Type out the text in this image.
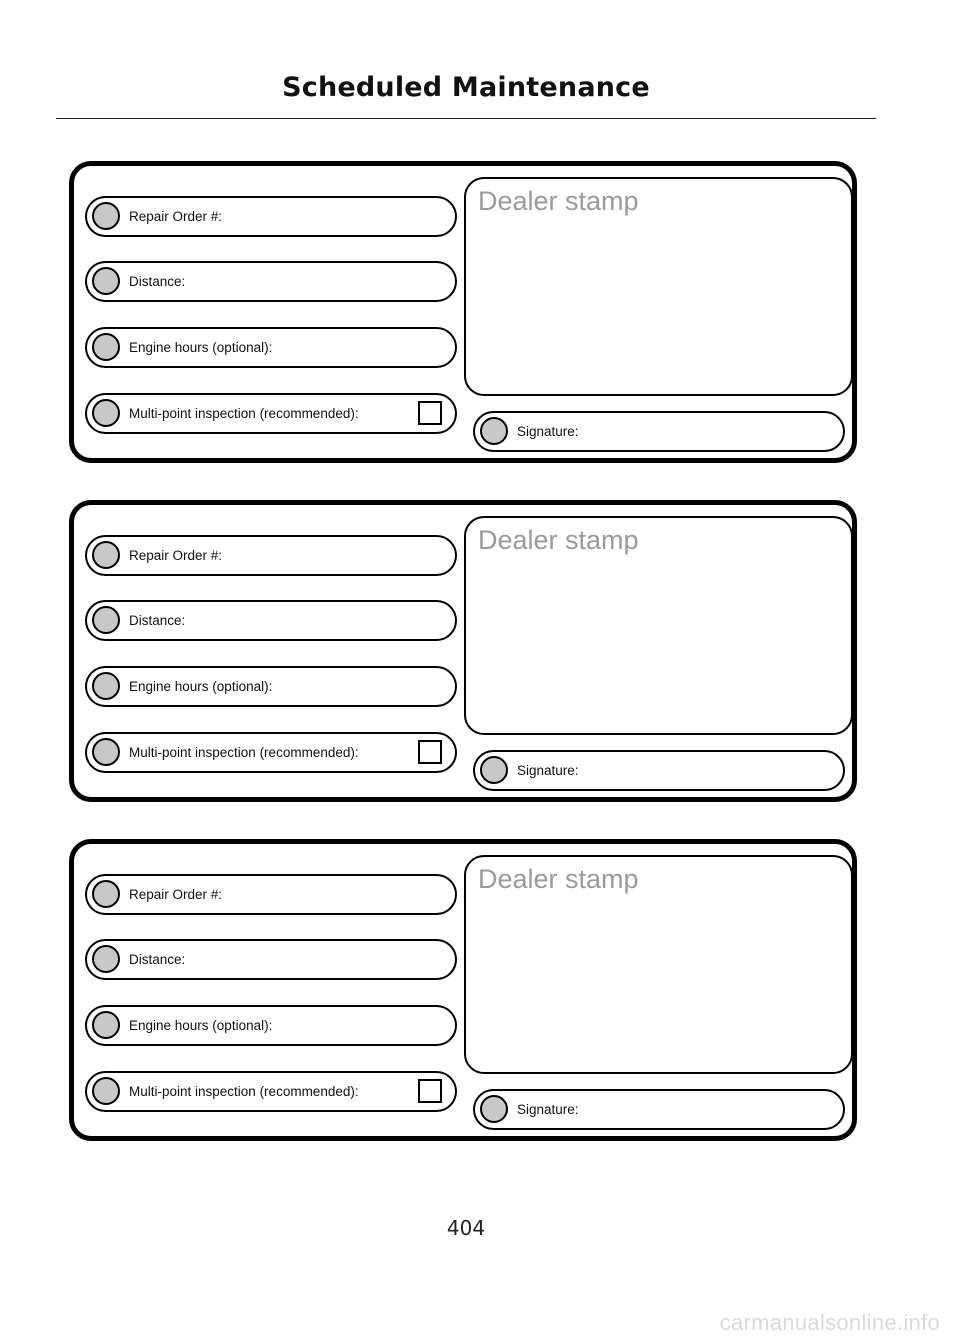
Scheduled Maintenance
Repair Order #:
Distance:
Engine hours (optional):
Multi-point inspection (recommended):
Dealer stamp
Signature:
Repair Order #:
Distance:
Engine hours (optional):
Multi-point inspection (recommended):
Dealer stamp
Signature:
Repair Order #:
Distance:
Engine hours (optional):
Multi-point inspection (recommended):
Dealer stamp
Signature:
404
carmanualsonline.info
